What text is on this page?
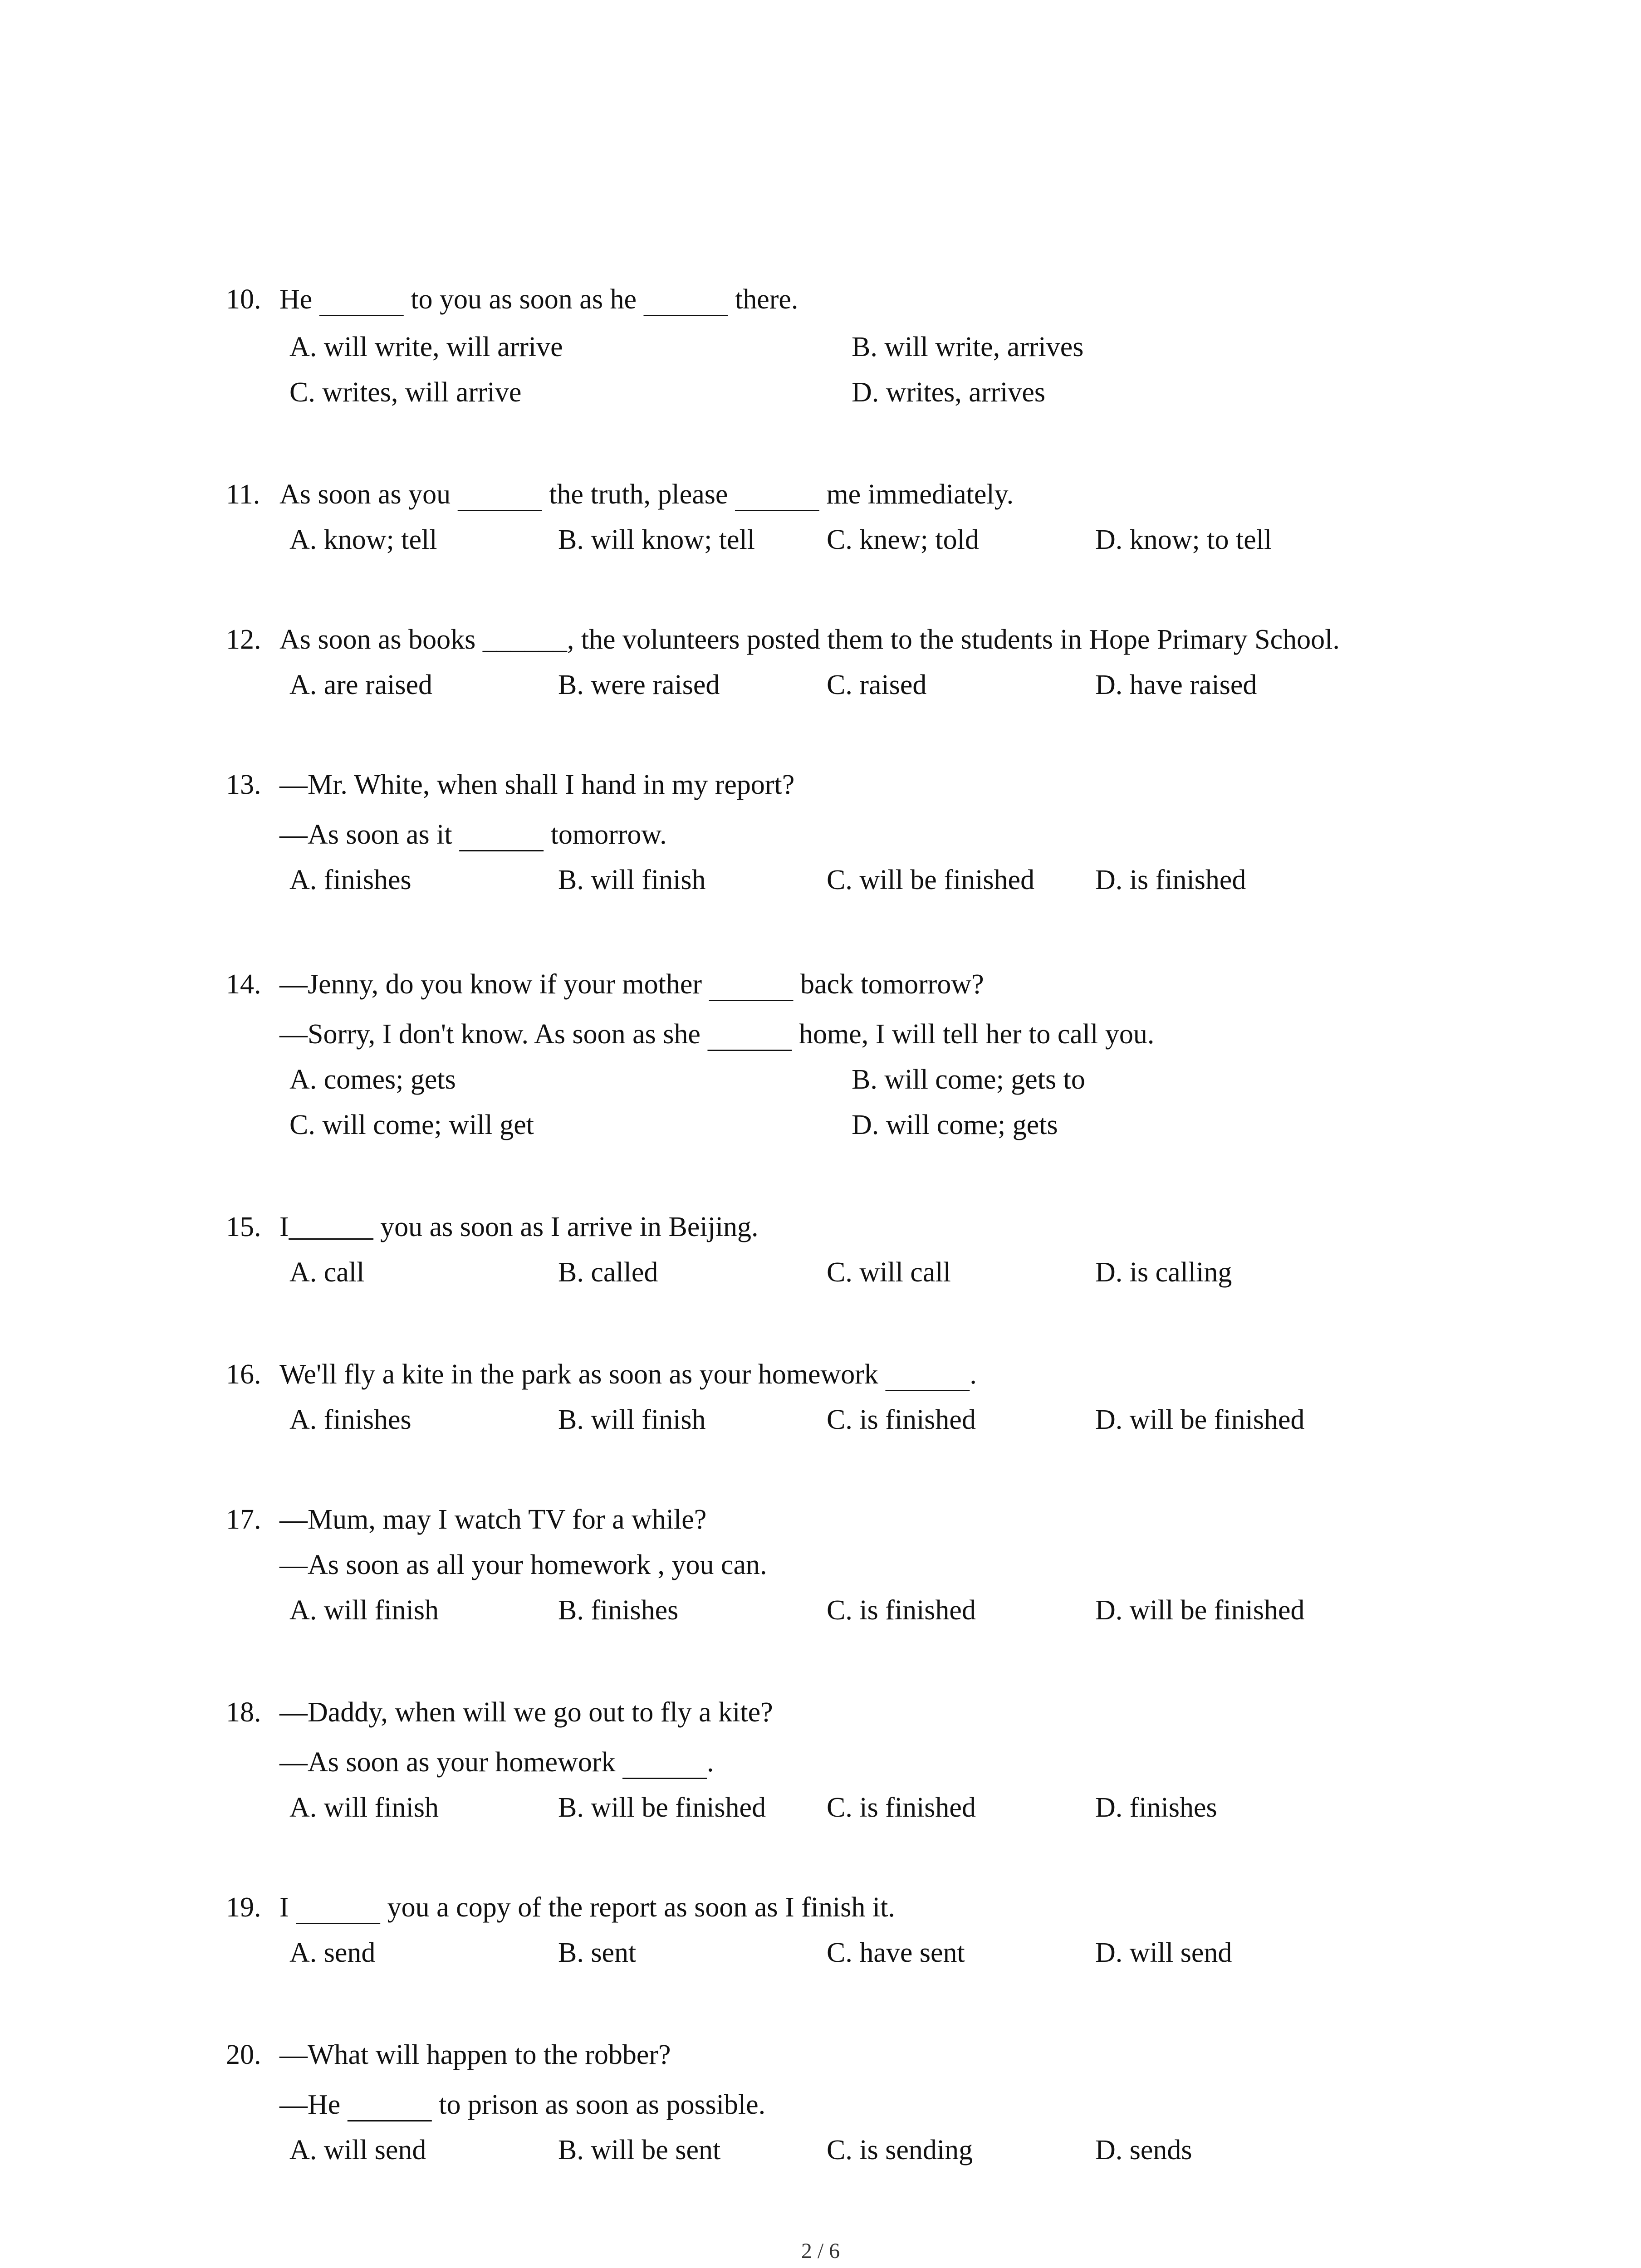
10. He	to you as soon as he	there.
A. will write, will arrive	B. will write, arrives
C. writes, will arrive	D. writes, arrives
11. As soon as you	the truth, please	me immediately.
A. know; tell	B. will know; tell	C. knew; told	D. know; to tell
12. As soon as books ______, the volunteers posted them to the students in Hope Primary School.
A. are raised	B. were raised	C. raised	D. have raised
13. —Mr. White, when shall I hand in my report?
—As soon as it	tomorrow.
A. finishes	B. will finish	C. will be finished D. is finished
14. —Jenny, do you know if your mother	back tomorrow?
—Sorry, I don't know. As soon as she	home, I will tell her to call you.
A. comes; gets	B. will come; gets to
C. will come; will get	D. will come; gets
15. I______ you as soon as I arrive in Beijing.
A. call	B. called	C. will call	D. is calling
16. We'll fly a kite in the park as soon as your homework	.
A. finishes	B. will finish	C. is finished	D. will be finished
17. —Mum, may I watch TV for a while?
—As soon as all your homework , you can.
A. will finish	B. finishes	C. is finished	D. will be finished
18. —Daddy, when will we go out to fly a kite?
—As soon as your homework	.
A. will finish	B. will be finished C. is finished	D. finishes
19. I	you a copy of the report as soon as I finish it.
A. send	B. sent	C. have sent	D. will send
20. —What will happen to the robber?
—He	to prison as soon as possible.
A. will send	B. will be sent	C. is sending	D. sends
2 / 6
